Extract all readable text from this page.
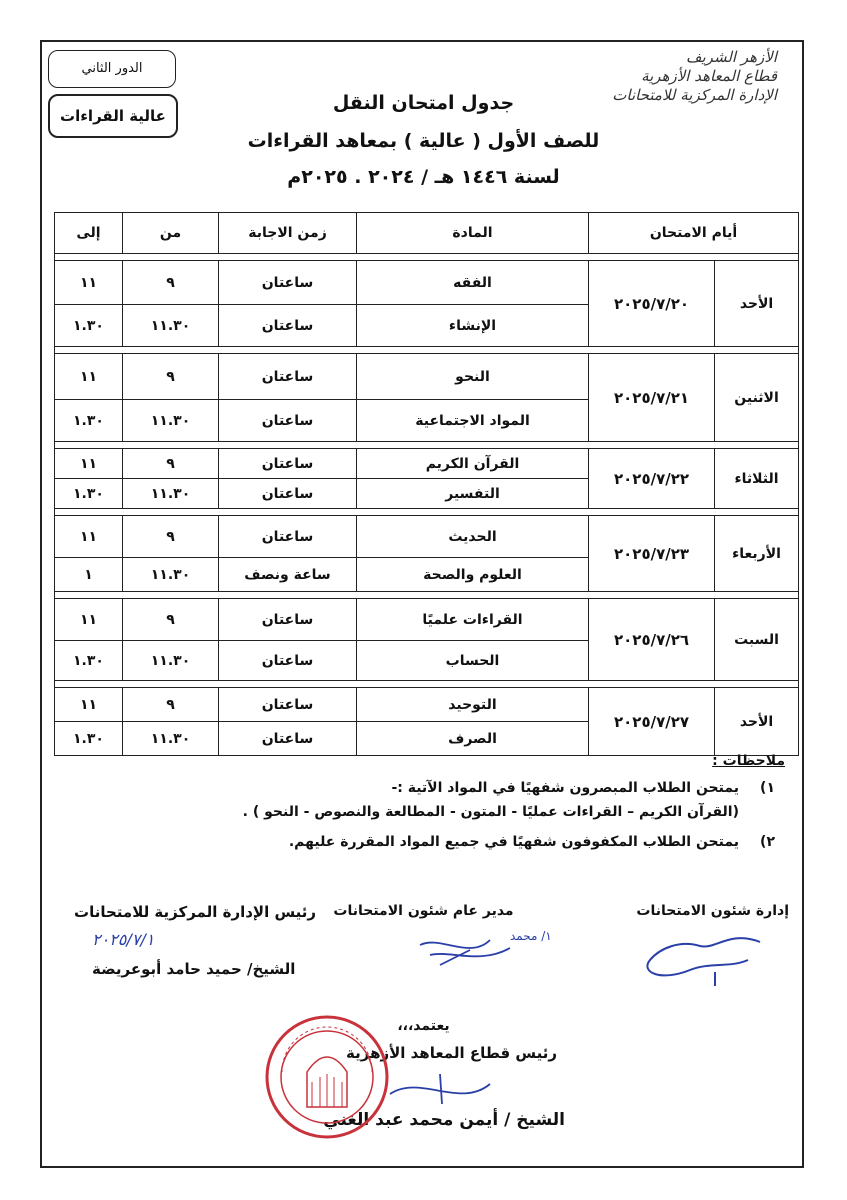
الدور الثاني
عالية القراءات
الأزهر الشريف
قطاع المعاهد الأزهرية
الإدارة المركزية للامتحانات
جدول امتحان النقل
للصف الأول ( عالية ) بمعاهد القراءات
لسنة ١٤٤٦ هـ / ٢٠٢٤ . ٢٠٢٥م
أيام الامتحان		المادة	زمن الاجابة	من	إلى

الأحد	٢٠٢٥/٧/٢٠	الفقه	ساعتان	٩	١١
		الإنشاء	ساعتان	١١.٣٠	١.٣٠

الاثنين	٢٠٢٥/٧/٢١	النحو	ساعتان	٩	١١
		المواد الاجتماعية	ساعتان	١١.٣٠	١.٣٠

الثلاثاء	٢٠٢٥/٧/٢٢	القرآن الكريم	ساعتان	٩	١١
		التفسير	ساعتان	١١.٣٠	١.٣٠

الأربعاء	٢٠٢٥/٧/٢٣	الحديث	ساعتان	٩	١١
		العلوم والصحة	ساعة ونصف	١١.٣٠	١

السبت	٢٠٢٥/٧/٢٦	القراءات علميًا	ساعتان	٩	١١
		الحساب	ساعتان	١١.٣٠	١.٣٠

الأحد	٢٠٢٥/٧/٢٧	التوحيد	ساعتان	٩	١١
		الصرف	ساعتان	١١.٣٠	١.٣٠
ملاحظات :
١)
يمتحن الطلاب المبصرون شفهيًا في المواد الآتية :-
(القرآن الكريم – القراءات عمليًا - المتون - المطالعة والنصوص - النحو ) .
٢)
يمتحن الطلاب المكفوفون شفهيًا في جميع المواد المقررة عليهم.
إدارة شئون الامتحانات
مدير عام شئون الامتحانات
رئيس الإدارة المركزية للامتحانات
١/ محمد
٢٠٢٥/٧/١
الشيخ/ حميد حامد أبوعريضة
يعتمد،،،
رئيس قطاع المعاهد الأزهرية
الشيخ / أيمن محمد عبد الغني
